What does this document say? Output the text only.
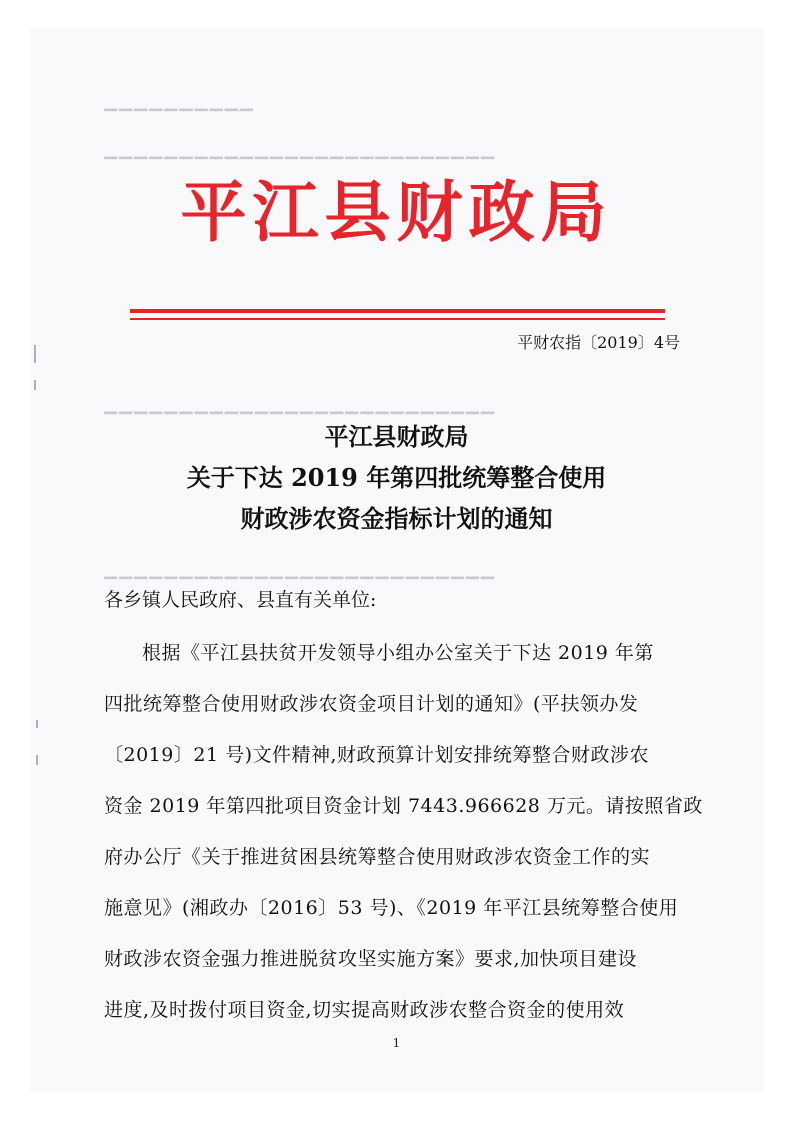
▁▁▁▁▁▁▁▁▁▁
▁▁▁▁▁▁▁▁▁▁▁▁▁▁▁▁▁▁▁▁▁▁▁▁▁▁
▁▁▁▁▁▁▁▁▁▁▁▁▁▁▁▁▁▁▁▁▁▁▁▁▁▁
▁▁▁▁▁▁▁▁▁▁▁▁▁▁▁▁▁▁▁▁▁▁▁▁▁▁
平江县财政局
平财农指〔2019〕4号
平江县财政局
关于下达 2019 年第四批统筹整合使用
财政涉农资金指标计划的通知
各乡镇人民政府、县直有关单位:
根据《平江县扶贫开发领导小组办公室关于下达 2019 年第
四批统筹整合使用财政涉农资金项目计划的通知》(平扶领办发
〔2019〕21 号)文件精神,财政预算计划安排统筹整合财政涉农
资金 2019 年第四批项目资金计划 7443.966628 万元。请按照省政
府办公厅《关于推进贫困县统筹整合使用财政涉农资金工作的实
施意见》(湘政办〔2016〕53 号)、《2019 年平江县统筹整合使用
财政涉农资金强力推进脱贫攻坚实施方案》要求,加快项目建设
进度,及时拨付项目资金,切实提高财政涉农整合资金的使用效
1
